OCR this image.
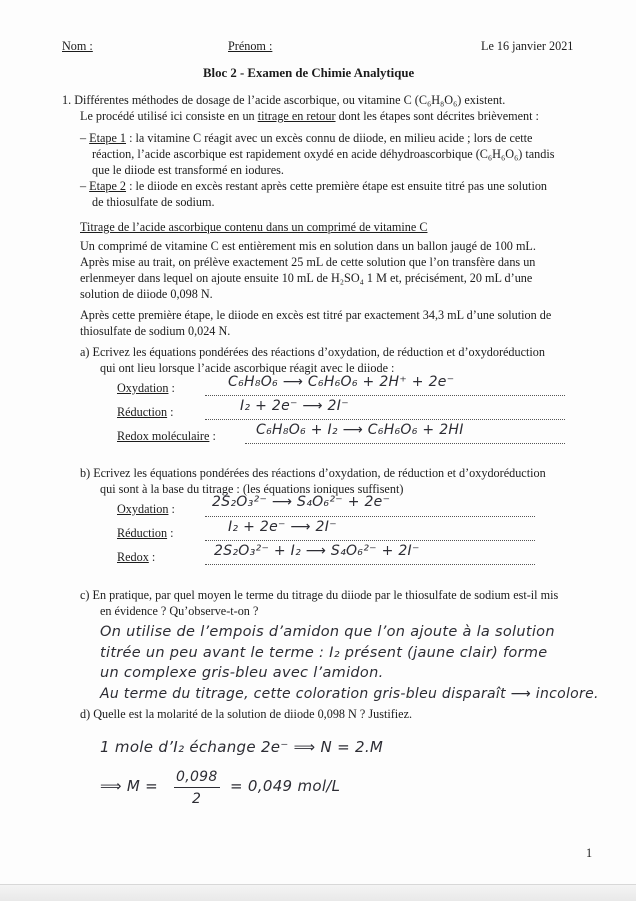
Nom :	Prénom :	Le 16 janvier 2021
Bloc 2 - Examen de Chimie Analytique
1. Différentes méthodes de dosage de l’acide ascorbique, ou vitamine C (C₆H₈O₆) existent.
Le procédé utilisé ici consiste en un titrage en retour dont les étapes sont décrites brièvement :
– Etape 1 : la vitamine C réagit avec un excès connu de diiode, en milieu acide ; lors de cette
réaction, l’acide ascorbique est rapidement oxydé en acide déhydroascorbique (C₆H₆O₆) tandis
que le diiode est transformé en iodures.
– Etape 2 : le diiode en excès restant après cette première étape est ensuite titré pas une solution
de thiosulfate de sodium.
Titrage de l’acide ascorbique contenu dans un comprimé de vitamine C
Un comprimé de vitamine C est entièrement mis en solution dans un ballon jaugé de 100 mL.
Après mise au trait, on prélève exactement 25 mL de cette solution que l’on transfère dans un
erlenmeyer dans lequel on ajoute ensuite 10 mL de H₂SO₄ 1 M et, précisément, 20 mL d’une
solution de diiode 0,098 N.
Après cette première étape, le diiode en excès est titré par exactement 34,3 mL d’une solution de
thiosulfate de sodium 0,024 N.
a) Ecrivez les équations pondérées des réactions d’oxydation, de réduction et d’oxydoréduction
qui ont lieu lorsque l’acide ascorbique réagit avec le diiode :
Oxydation :	C₆H₈O₆ ⟶ C₆H₆O₆ + 2H⁺ + 2e⁻
Réduction :	I₂ + 2e⁻ ⟶ 2I⁻
Redox moléculaire :	C₆H₈O₆ + I₂ ⟶ C₆H₆O₆ + 2HI
b) Ecrivez les équations pondérées des réactions d’oxydation, de réduction et d’oxydoréduction
qui sont à la base du titrage : (les équations ioniques suffisent)
Oxydation :	2S₂O₃²⁻ ⟶ S₄O₆²⁻ + 2e⁻
Réduction :	I₂ + 2e⁻ ⟶ 2I⁻
Redox :	2S₂O₃²⁻ + I₂ ⟶ S₄O₆²⁻ + 2I⁻
c) En pratique, par quel moyen le terme du titrage du diiode par le thiosulfate de sodium est-il mis
en évidence ? Qu’observe-t-on ?
On utilise de l’empois d’amidon que l’on ajoute à la solution
titrée un peu avant le terme : I₂ présent (jaune clair) forme
un complexe gris-bleu avec l’amidon.
Au terme du titrage, cette coloration gris-bleu disparaît ⟶ incolore.
d) Quelle est la molarité de la solution de diiode 0,098 N ? Justifiez.
1 mole d’I₂ échange 2e⁻ ⟹ N = 2.M
⟹ M = 0,098
2
= 0,049 mol/L
1
